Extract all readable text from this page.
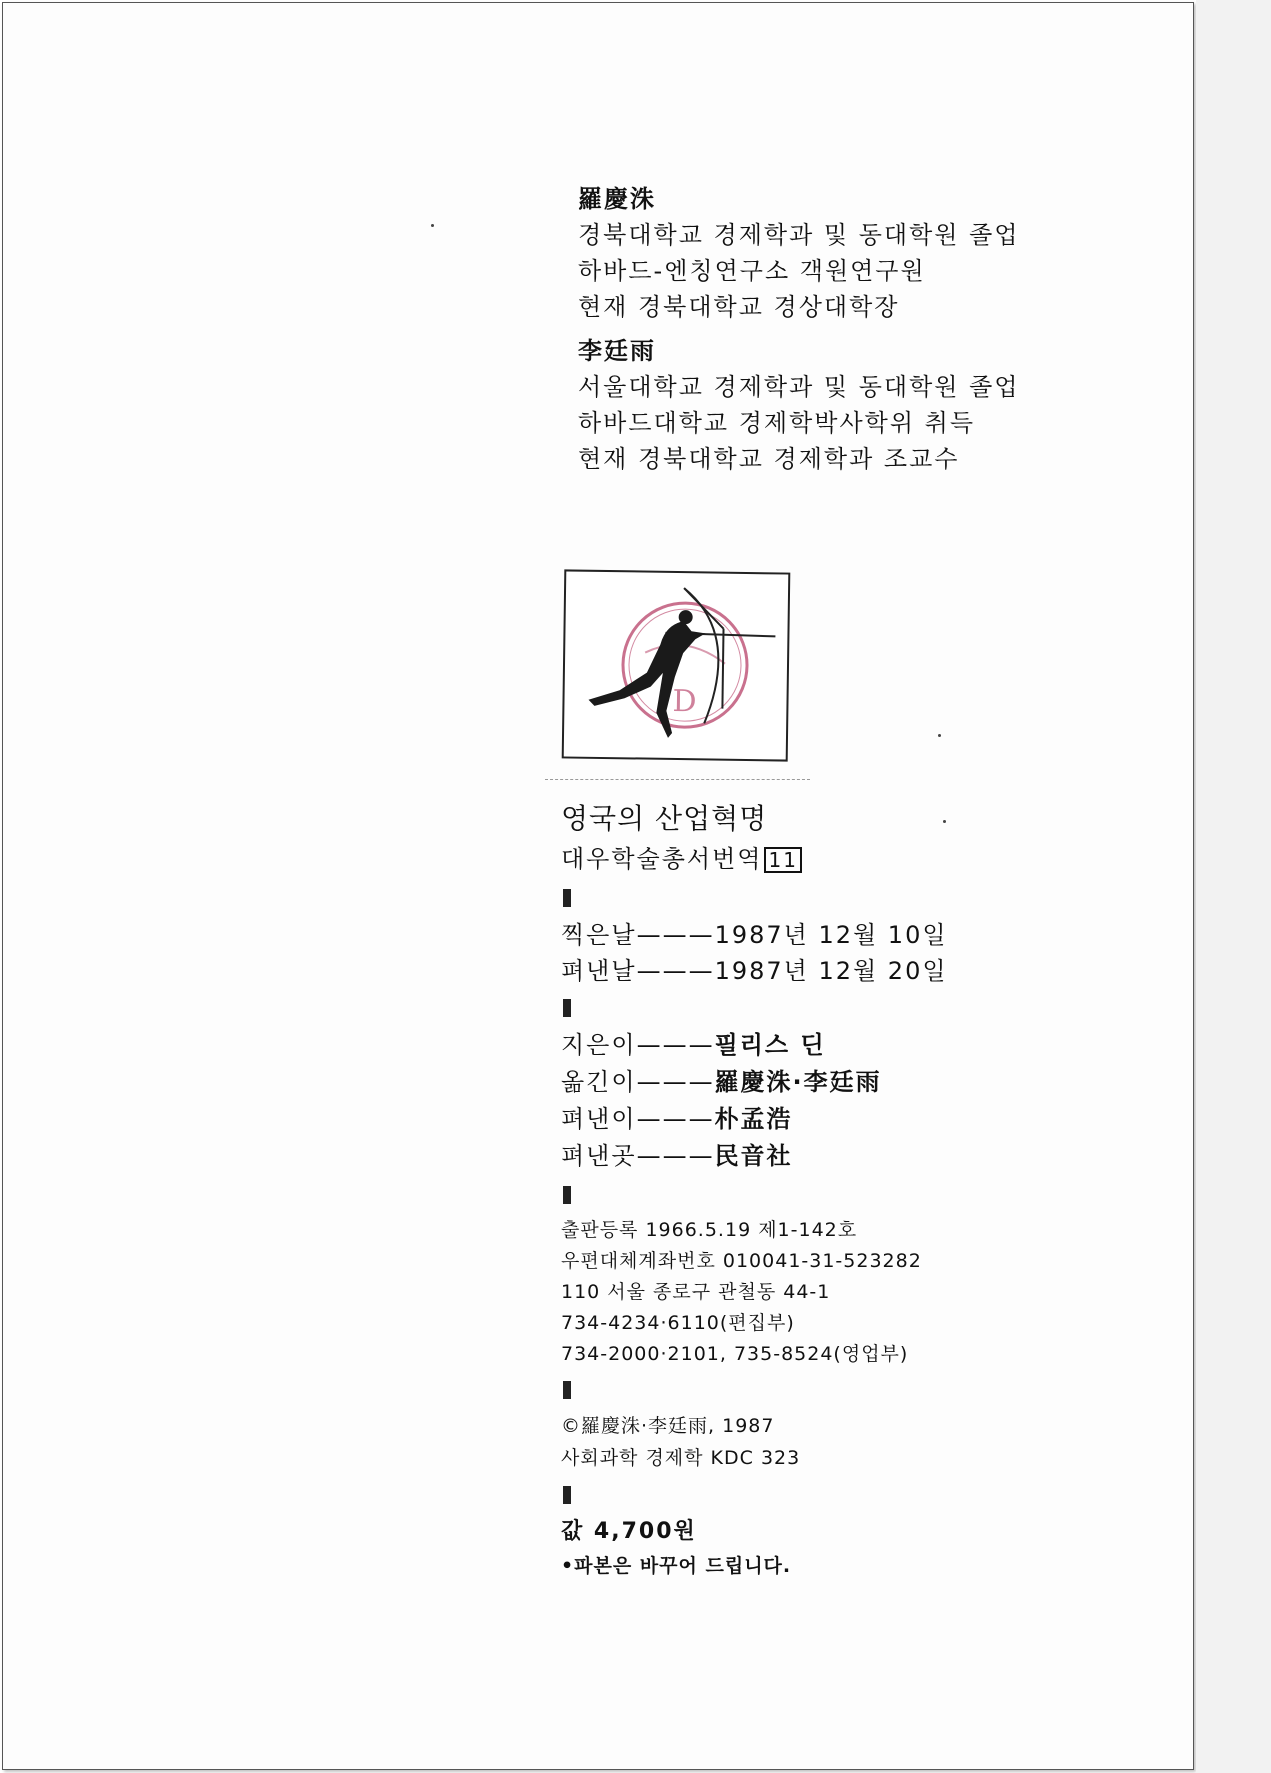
羅慶洙
경북대학교 경제학과 및 동대학원 졸업
하바드-엔칭연구소 객원연구원
현재 경북대학교 경상대학장
李廷雨
서울대학교 경제학과 및 동대학원 졸업
하바드대학교 경제학박사학위 취득
현재 경북대학교 경제학과 조교수
D
영국의 산업혁명
대우학술총서번역 11
찍은날———1987년 12월 10일
펴낸날———1987년 12월 20일
지은이———필리스 딘
옮긴이———羅慶洙·李廷雨
펴낸이———朴孟浩
펴낸곳———民音社
출판등록 1966.5.19 제1-142호
우편대체계좌번호 010041-31-523282
110 서울 종로구 관철동 44-1
734-4234·6110(편집부)
734-2000·2101, 735-8524(영업부)
©羅慶洙·李廷雨, 1987
사회과학 경제학 KDC 323
값 4,700원
•파본은 바꾸어 드립니다.
